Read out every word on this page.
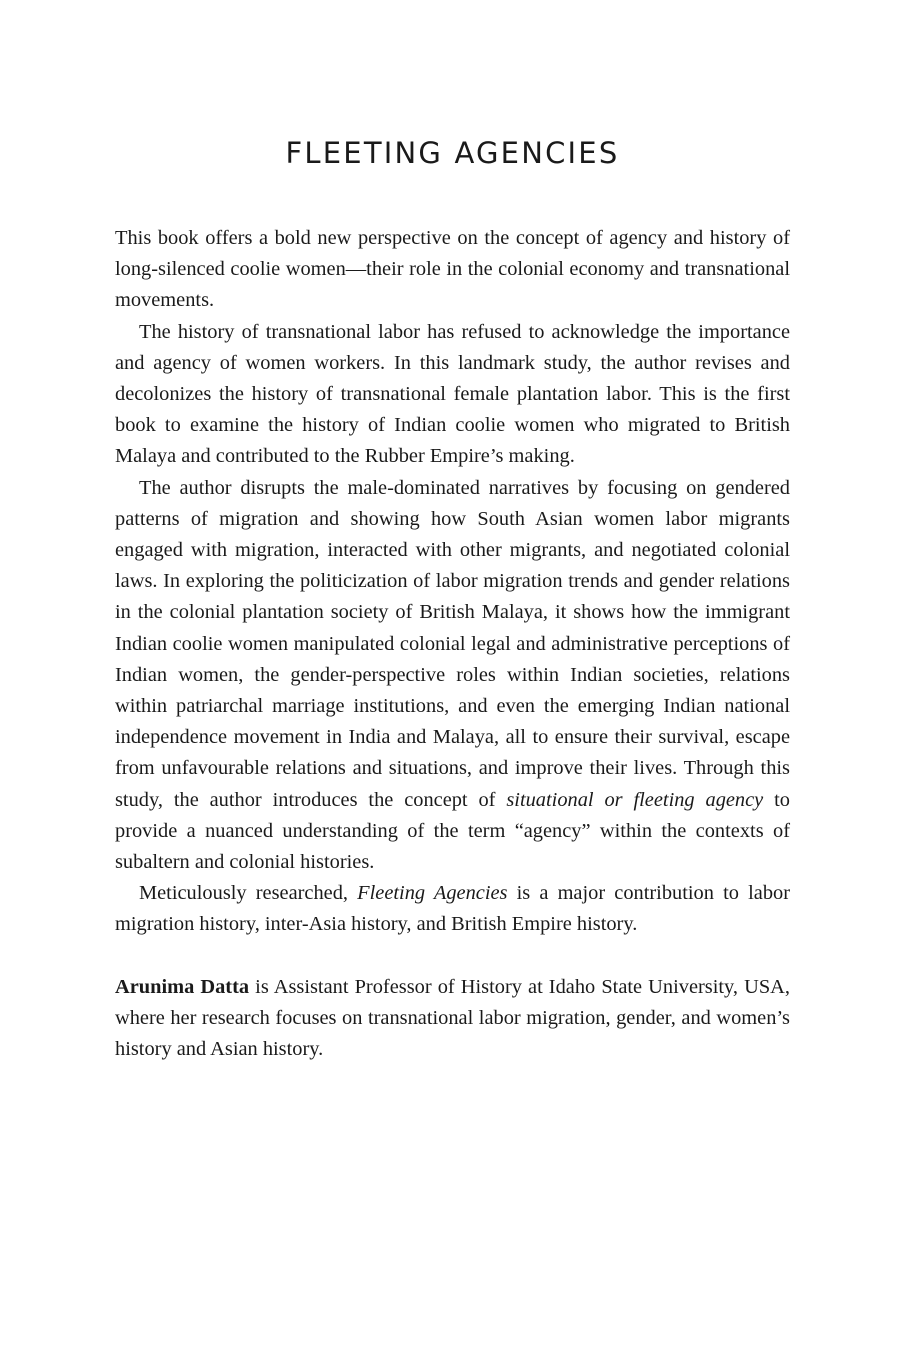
FLEETING AGENCIES

This book offers a bold new perspective on the concept of agency and history of long-silenced coolie women—their role in the colonial economy and transnational movements.

The history of transnational labor has refused to acknowledge the importance and agency of women workers. In this landmark study, the author revises and decolonizes the history of transnational female plantation labor. This is the first book to examine the history of Indian coolie women who migrated to British Malaya and contributed to the Rubber Empire’s making.

The author disrupts the male-dominated narratives by focusing on gendered patterns of migration and showing how South Asian women labor migrants engaged with migration, interacted with other migrants, and negotiated colonial laws. In exploring the politicization of labor migration trends and gender relations in the colonial plantation society of British Malaya, it shows how the immigrant Indian coolie women manipulated colonial legal and administrative perceptions of Indian women, the gender-perspective roles within Indian societies, relations within patriarchal marriage institutions, and even the emerging Indian national independence movement in India and Malaya, all to ensure their survival, escape from unfavourable relations and situations, and improve their lives. Through this study, the author introduces the concept of situational or fleeting agency to provide a nuanced understanding of the term “agency” within the contexts of subaltern and colonial histories.

Meticulously researched, Fleeting Agencies is a major contribution to labor migration history, inter-Asia history, and British Empire history.

Arunima Datta is Assistant Professor of History at Idaho State University, USA, where her research focuses on transnational labor migration, gender, and women’s history and Asian history.
